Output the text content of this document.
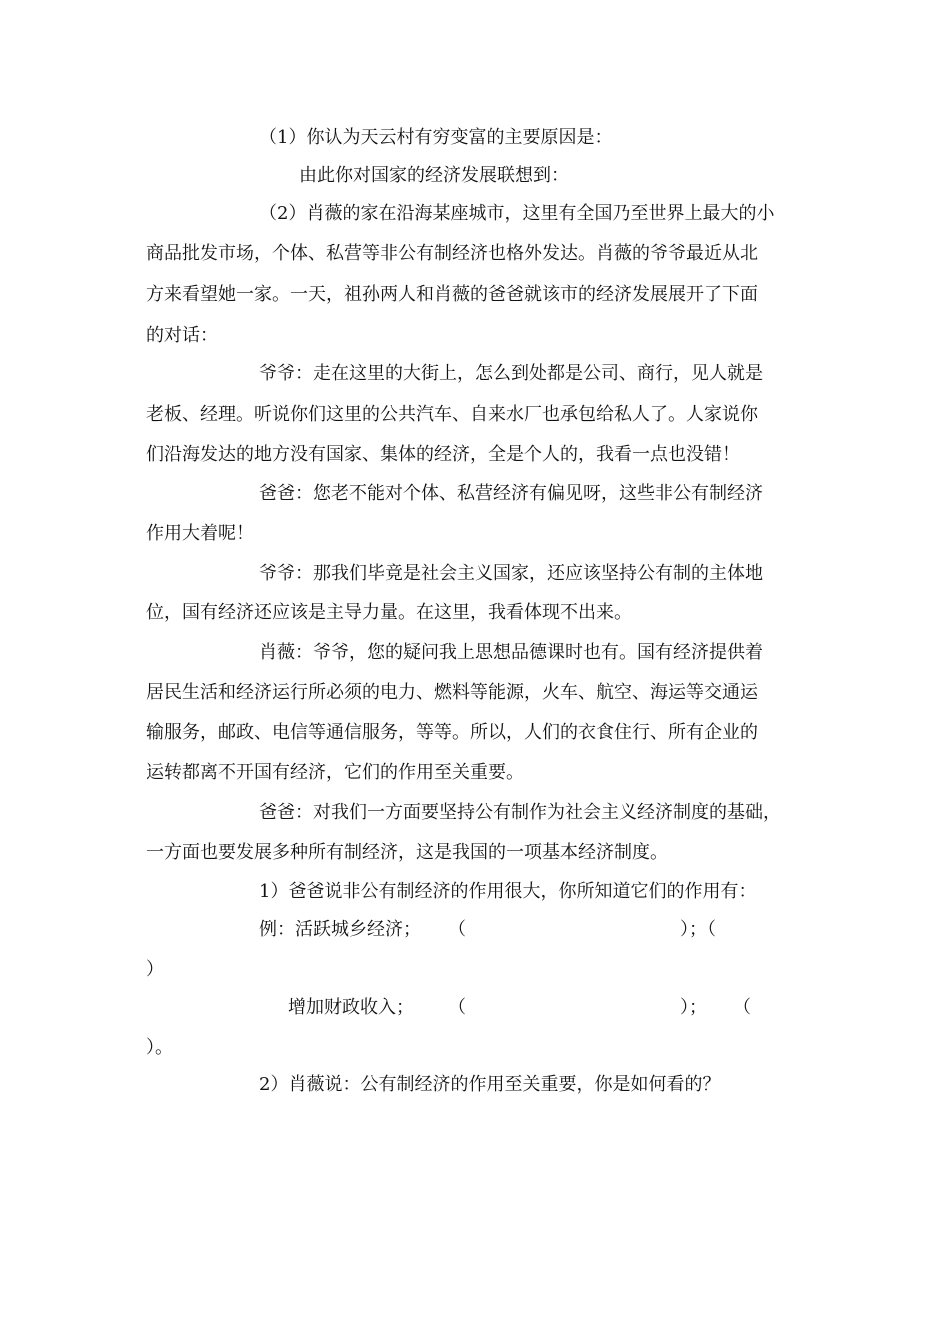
（1）你认为天云村有穷变富的主要原因是：
由此你对国家的经济发展联想到：
（2）肖薇的家在沿海某座城市，这里有全国乃至世界上最大的小
商品批发市场，个体、私营等非公有制经济也格外发达。肖薇的爷爷最近从北
方来看望她一家。一天，祖孙两人和肖薇的爸爸就该市的经济发展展开了下面
的对话：
爷爷：走在这里的大街上，怎么到处都是公司、商行，见人就是
老板、经理。听说你们这里的公共汽车、自来水厂也承包给私人了。人家说你
们沿海发达的地方没有国家、集体的经济，全是个人的，我看一点也没错！
爸爸：您老不能对个体、私营经济有偏见呀，这些非公有制经济
作用大着呢！
爷爷：那我们毕竟是社会主义国家，还应该坚持公有制的主体地
位，国有经济还应该是主导力量。在这里，我看体现不出来。
肖薇：爷爷，您的疑问我上思想品德课时也有。国有经济提供着
居民生活和经济运行所必须的电力、燃料等能源，火车、航空、海运等交通运
输服务，邮政、电信等通信服务，等等。所以，人们的衣食住行、所有企业的
运转都离不开国有经济，它们的作用至关重要。
爸爸：对我们一方面要坚持公有制作为社会主义经济制度的基础，
一方面也要发展多种所有制经济，这是我国的一项基本经济制度。
1）爸爸说非公有制经济的作用很大，你所知道它们的作用有：
例：活跃城乡经济； （	）；（
）
增加财政收入； （	）； （
）。
2）肖薇说：公有制经济的作用至关重要，你是如何看的？
